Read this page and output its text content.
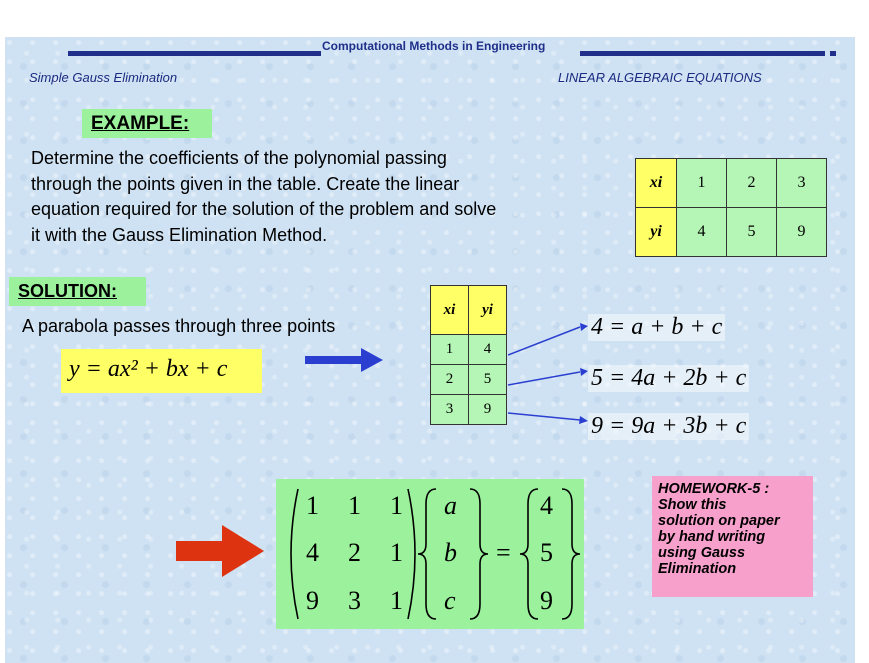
Computational Methods in Engineering
Simple Gauss Elimination	LINEAR ALGEBRAIC EQUATIONS
EXAMPLE:
Determine the coefficients of the polynomial passing
through the points given in the table. Create the linear
equation required for the solution of the problem and solve
it with the Gauss Elimination Method.
xi	1	2	3
yi	4	5	9
SOLUTION:
A parabola passes through three points
y = ax² + bx + c
xi	yi
1	4
2	5
3	9
4 = a + b + c
5 = 4a + 2b + c
9 = 9a + 3b + c
1 1 1
4 2 1
9 3 1
a
b
c
=
4
5
9
HOMEWORK-5 :
Show this
solution on paper
by hand writing
using Gauss
Elimination
